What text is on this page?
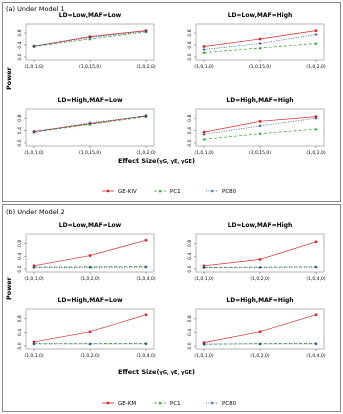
(a) Under Model 1
Power
LD=Low,MAF=Low
0.0
0.4
0.8
(1,0,1,0)	(1,0,15,0)	(1,0,2,0)
LD=Low,MAF=High
0.0
0.4
0.8
(1,0,1,0)	(1,0,15,0)	(1,0,2,0)
LD=High,MAF=Low
0.0
0.4
0.8
(1,0,1,0)	(1,0,15,0)	(1,0,2,0)
LD=High,MAF=High
0.0
0.4
0.8
(1,0,1,0)	(1,0,15,0)	(1,0,2,0)
Effect Size(γG, γE, γGE)
GE-KIV	PC1	PC80
(b) Under Model 2
Power
LD=Low,MAF=Low
0.0
0.4
0.8
(1,0,1,0)	(1,0,2,0)	(1,0,4,0)
LD=Low,MAF=High
0.0
0.4
0.8
(1,0,1,0)	(1,0,2,0)	(1,0,4,0)
LD=High,MAF=Low
0.0
0.4
0.8
(1,0,1,0)	(1,0,2,0)	(1,0,4,0)
LD=High,MAF=High
0.0
0.4
0.8
(1,0,1,0)	(1,0,2,0)	(1,0,4,0)
Effect Size(γG, γE, γGE)
GE-KM	PC1	PC80
